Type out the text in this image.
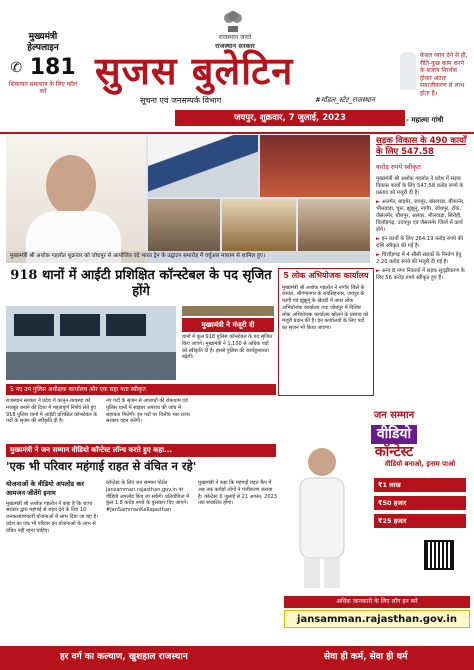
मुख्यमंत्री
हेल्पलाइन
✆ 181
शिकायत समाधान के लिए कॉल करें
राजस्थान जनते
राजस्थान सरकार
सुजस बुलेटिन
सूचना एवं जनसम्पर्क विभाग	#मॉडल_स्टेट_राजस्थान
जयपुर, शुक्रवार, 7 जुलाई, 2023
केवल ध्यान देने से ही, रीति-कुछ काम करने के बजाय निरर्थक होकर अंततः समाजीकरण से लाभ होता है।
- महात्मा गांधी
मुख्यमंत्री श्री अशोक गहलोत शुक्रवार को जोधपुर से आयोजित वंदे भारत ट्रेन के उद्घाटन समारोह में वर्चुअल माध्यम से शामिल हुए।
सड़क विकास के 490 कार्यों के लिए 547.58
करोड़ रुपये स्वीकृत

मुख्यमंत्री श्री अशोक गहलोत ने प्रदेश में सड़क विकास कार्यों के लिए 547.58 करोड़ रुपये के प्रस्ताव को मंजूरी दी है।

► अजमेर, बाड़मेर, जयपुर, बांसवाड़ा, बीकानेर, भीलवाड़ा, चूरू, झुंझुनूं, नागौर, जोधपुर, टोंक, जैसलमेर, धौलपुर, अलवर, भीलवाड़ा, सिरोही, चित्तौड़गढ़, उदयपुर एवं जैसलमेर जिलों में कार्य होंगे।

► इन कार्यों के लिए 264.19 करोड़ रुपये की राशि स्वीकृत की गई है।

► चित्तौड़गढ़ में 4 सीसी सड़कों के निर्माण हेतु 2.20 करोड़ रुपये की मंजूरी दी गई है।

► अन्य 8 नगर निकायों में सड़क सुदृढ़ीकरण के लिए 56 करोड़ रुपये स्वीकृत हुए हैं।

918 थानों में आईटी प्रशिक्षित कॉन्स्टेबल के पद सृजित होंगे
मुख्यमंत्री ने मंजूरी दी
थानों में कुल 918 पुलिस कॉन्स्टेबल के पद सृजित किए जाएंगे। मुख्यमंत्री ने 1,100 से अधिक पदों को स्वीकृति दी है। इससे पुलिस की कार्यकुशलता बढ़ेगी।
5 नए उप पुलिस अधीक्षक कार्यालय और एक सहा यता स्वीकृत
राजस्थान सरकार ने प्रदेश में कानून-व्यवस्था को मजबूत बनाने की दिशा में महत्वपूर्ण निर्णय लेते हुए 918 पुलिस थानों में आईटी प्रशिक्षित कॉन्स्टेबल के पदों के सृजन की स्वीकृति दी है।
नए पदों के सृजन से अपराधों की रोकथाम एवं पुलिस थानों में साइबर अपराध की जांच में सहायता मिलेगी। इन पदों पर वित्तीय भार राज्य सरकार वहन करेगी।
5 लोक अभियोजक कार्यालय
मुख्यमंत्री श्री अशोक गहलोत ने नागौर जिले के जायल, श्रीगंगानगर के रायसिंहनगर, जयपुर के फागी एवं झुंझुनूं के खेतड़ी में अपर लोक अभियोजक कार्यालय तथा जोधपुर में विशिष्ट लोक अभियोजक कार्यालय खोलने के प्रस्ताव को मंजूरी प्रदान की है। इन कार्यालयों के लिए पदों का सृजन भी किया जाएगा।
मुख्यमंत्री ने जन सम्मान वीडियो कॉन्टेस्ट लॉन्च करते हुए कहा...
'एक भी परिवार महंगाई राहत से वंचित न रहे'
योजनाओं के वीडियो अपलोड कर आमजन जीतेंगे इनाम
मुख्यमंत्री श्री अशोक गहलोत ने कहा है कि राज्य सरकार द्वारा महंगाई से राहत देने के लिए 10 जनकल्याणकारी योजनाओं में लाभ दिया जा रहा है। प्रदेश का एक भी परिवार इन योजनाओं के लाभ से वंचित नहीं रहना चाहिए।
कॉन्टेस्ट के लिए जन सम्मान पोर्टल jansamman.rajasthan.gov.in पर वीडियो अपलोड किए जा सकेंगे। प्रतियोगिता में कुल 1.8 करोड़ रुपये के पुरस्कार दिए जाएंगे। #JanSammanKaRajasthan
मुख्यमंत्री ने कहा कि महंगाई राहत कैंप में अब तक करोड़ों लोगों ने पंजीकरण कराया है। कॉन्टेस्ट 6 जुलाई से 21 अगस्त, 2023 तक संचालित होगा।
जन सम्मान
वीडियो
कॉन्टेस्ट
वीडियो बनाओ, इनाम पाओ
₹1 लाख
₹50 हजार
₹25 हजार
अधिक जानकारी के लिए लॉग इन करें
jansamman.rajasthan.gov.in
हर वर्ग का कल्याण, खुशहाल राजस्थान	सेवा ही कर्म, सेवा ही धर्म
